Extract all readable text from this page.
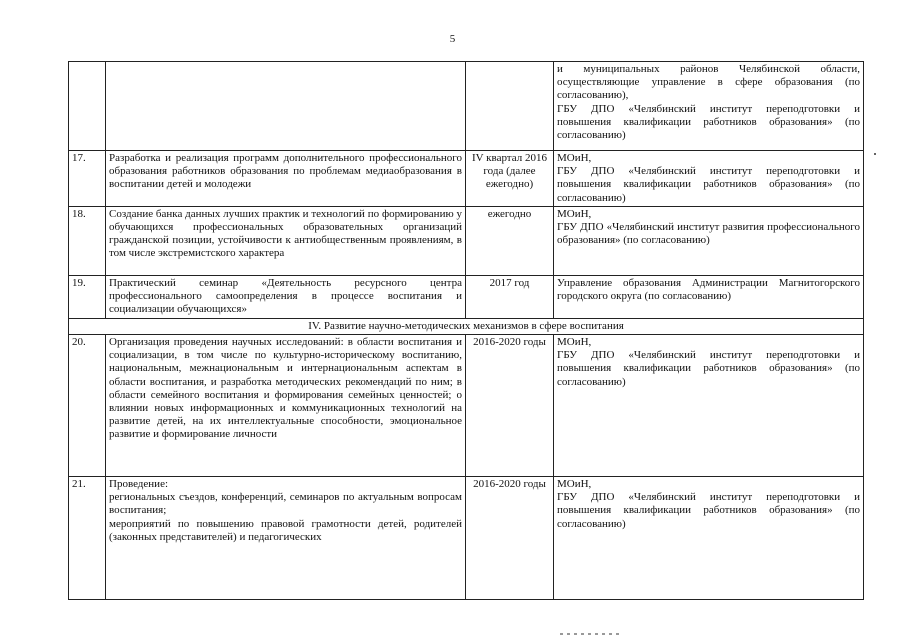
5

			и муниципальных районов Челябинской области, осуществляющие управление в сфере образования (по согласованию),
ГБУ ДПО «Челябинский институт переподготовки и повышения квалификации работников образования» (по согласованию)

17.	Разработка и реализация программ дополнительного профессионального образования работников образования по проблемам медиаобразования в воспитании детей и молодежи	IV квартал 2016 года (далее ежегодно)	МОиН,
ГБУ ДПО «Челябинский институт переподготовки и повышения квалификации работников образования» (по согласованию)

18.	Создание банка данных лучших практик и технологий по формированию у обучающихся профессиональных образовательных организаций гражданской позиции, устойчивости к антиобщественным проявлениям, в том числе экстремистского характера	ежегодно	МОиН,
ГБУ ДПО «Челябинский институт развития профессионального образования» (по согласованию)

19.	Практический семинар «Деятельность ресурсного центра профессионального самоопределения в процессе воспитания и социализации обучающихся»	2017 год	Управление образования Администрации Магнитогорского городского округа (по согласованию)

IV. Развитие научно-методических механизмов в сфере воспитания			
20.	Организация проведения научных исследований: в области воспитания и социализации, в том числе по культурно-историческому воспитанию, национальным, межнациональным и интернациональным аспектам в области воспитания, и разработка методических рекомендаций по ним; в области семейного воспитания и формирования семейных ценностей; о влиянии новых информационных и коммуникационных технологий на развитие детей, на их интеллектуальные способности, эмоциональное развитие и формирование личности	2016-2020 годы	МОиН,
ГБУ ДПО «Челябинский институт переподготовки и повышения квалификации работников образования» (по согласованию)

21.	Проведение:
региональных съездов, конференций, семинаров по актуальным вопросам воспитания;
мероприятий по повышению правовой грамотности детей, родителей (законных представителей) и педагогических	2016-2020 годы	МОиН,
ГБУ ДПО «Челябинский институт переподготовки и повышения квалификации работников образования» (по согласованию)
